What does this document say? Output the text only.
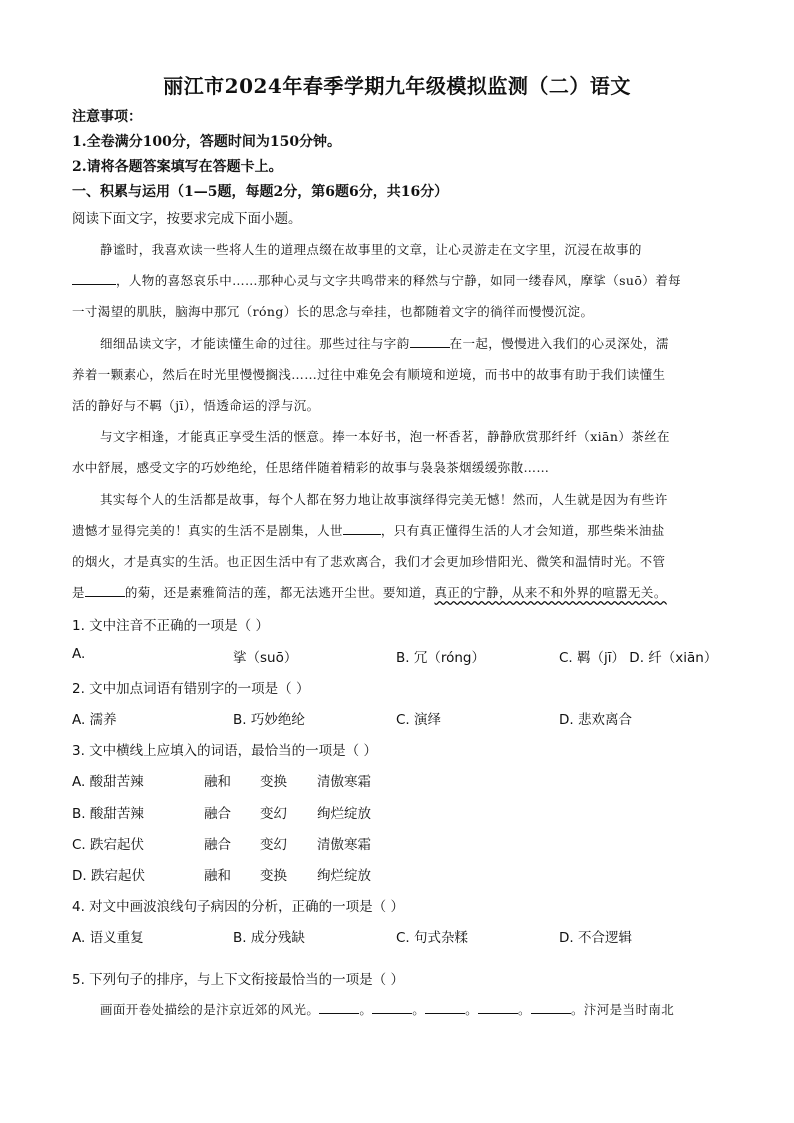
丽江市2024年春季学期九年级模拟监测（二）语文
注意事项：
1.全卷满分100分，答题时间为150分钟。
2.请将各题答案填写在答题卡上。
一、积累与运用（1—5题，每题2分，第6题6分，共16分）
阅读下面文字，按要求完成下面小题。
静谧时，我喜欢读一些将人生的道理点缀在故事里的文章，让心灵游走在文字里，沉浸在故事的
，人物的喜怒哀乐中……那种心灵与文字共鸣带来的释然与宁静，如同一缕春风，摩挲（suō）着每
一寸渴望的肌肤，脑海中那冗（róng）长的思念与牵挂，也都随着文字的徜徉而慢慢沉淀。
细细品读文字，才能读懂生命的过往。那些过往与字韵	在一起，慢慢进入我们的心灵深处，濡
养着一颗素心，然后在时光里慢慢搁浅……过往中难免会有顺境和逆境，而书中的故事有助于我们读懂生
活的静好与不羁（jī），悟透命运的浮与沉。
与文字相逢，才能真正享受生活的惬意。捧一本好书，泡一杯香茗，静静欣赏那纤纤（xiān）茶丝在
水中舒展，感受文字的巧妙绝纶，任思绪伴随着精彩的故事与袅袅茶烟缓缓弥散……
其实每个人的生活都是故事，每个人都在努力地让故事演绎得完美无憾！然而，人生就是因为有些许
遗憾才显得完美的！真实的生活不是剧集，人世	，只有真正懂得生活的人才会知道，那些柴米油盐
的烟火，才是真实的生活。也正因生活中有了悲欢离合，我们才会更加珍惜阳光、微笑和温情时光。不管
是	的菊，还是素雅简洁的莲，都无法逃开尘世。要知道，真正的宁静，从来不和外界的喧嚣无关。
1. 文中注音不正确的一项是（ ）
A.	挲（suō）	B. 冗（róng）	C. 羁（jī） D. 纤（xiān）
2. 文中加点词语有错别字的一项是（ ）
A. 濡养	B. 巧妙绝纶	C. 演绎	D. 悲欢离合
3. 文中横线上应填入的词语，最恰当的一项是（ ）
A. 酸甜苦辣	融和 变换 清傲寒霜
B. 酸甜苦辣	融合 变幻 绚烂绽放
C. 跌宕起伏	融合 变幻 清傲寒霜
D. 跌宕起伏	融和 变换 绚烂绽放
4. 对文中画波浪线句子病因的分析，正确的一项是（ ）
A. 语义重复	B. 成分残缺	C. 句式杂糅	D. 不合逻辑
5. 下列句子的排序，与上下文衔接最恰当的一项是（ ）
画面开卷处描绘的是汴京近郊的风光。	。	。	。	。	。汴河是当时南北
